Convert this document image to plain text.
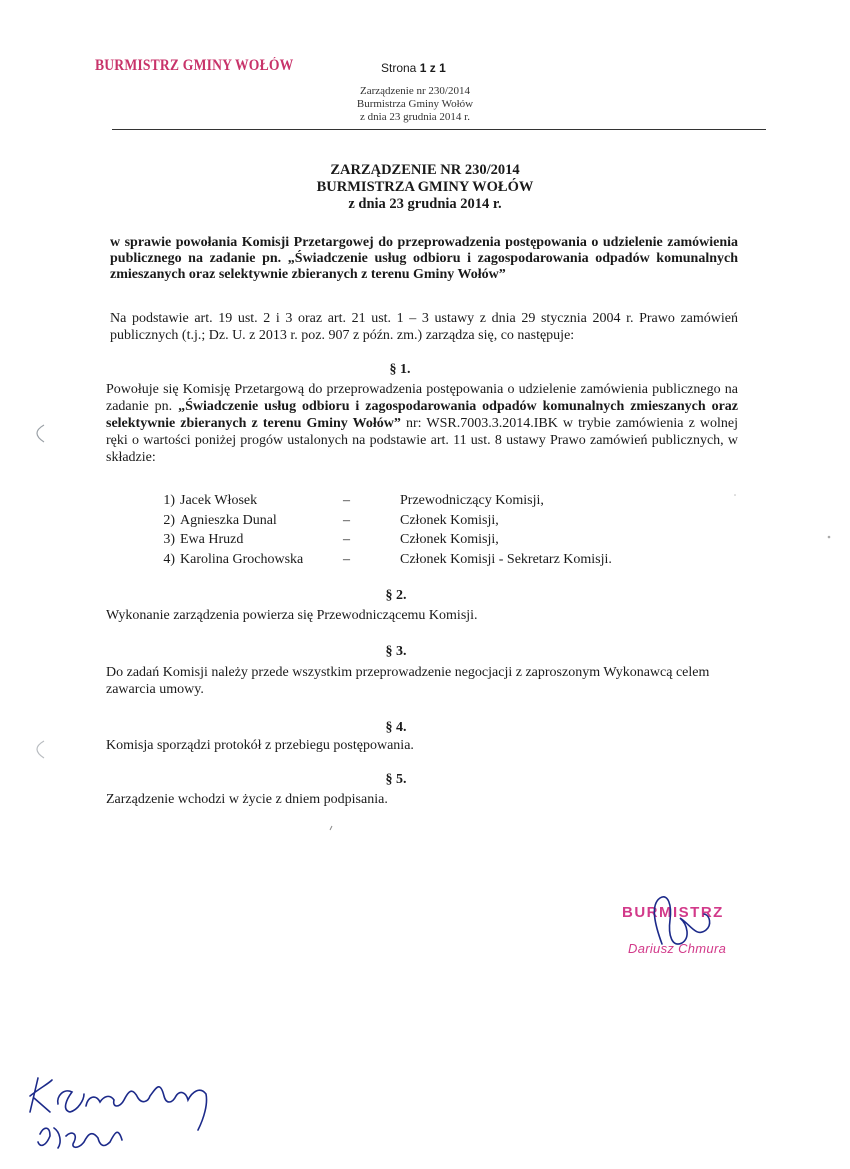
BURMISTRZ GMINY WOŁÓW	Strona 1 z 1
Zarządzenie nr 230/2014
Burmistrza Gminy Wołów
z dnia 23 grudnia 2014 r.
ZARZĄDZENIE NR 230/2014
BURMISTRZA GMINY WOŁÓW
z dnia 23 grudnia 2014 r.
w sprawie powołania Komisji Przetargowej do przeprowadzenia postępowania o udzielenie zamówienia publicznego na zadanie pn. „Świadczenie usług odbioru i zagospodarowania odpadów komunalnych zmieszanych oraz selektywnie zbieranych z terenu Gminy Wołów”
Na podstawie art. 19 ust. 2 i 3 oraz art. 21 ust. 1 – 3 ustawy z dnia 29 stycznia 2004 r. Prawo zamówień publicznych (t.j.; Dz. U. z 2013 r. poz. 907 z późn. zm.) zarządza się, co następuje:
§ 1.
Powołuje się Komisję Przetargową do przeprowadzenia postępowania o udzielenie zamówienia publicznego na zadanie pn. „Świadczenie usług odbioru i zagospodarowania odpadów komunalnych zmieszanych oraz selektywnie zbieranych z terenu Gminy Wołów” nr: WSR.7003.3.2014.IBK w trybie zamówienia z wolnej ręki o wartości poniżej progów ustalonych na podstawie art. 11 ust. 8 ustawy Prawo zamówień publicznych, w składzie:
1) Jacek Włosek	–	Przewodniczący Komisji,
2) Agnieszka Dunal	–	Członek Komisji,
3) Ewa Hruzd	–	Członek Komisji,
4) Karolina Grochowska	–	Członek Komisji - Sekretarz Komisji.
§ 2.
Wykonanie zarządzenia powierza się Przewodniczącemu Komisji.
§ 3.
Do zadań Komisji należy przede wszystkim przeprowadzenie negocjacji z zaproszonym Wykonawcą celem zawarcia umowy.
§ 4.
Komisja sporządzi protokół z przebiegu postępowania.
§ 5.
Zarządzenie wchodzi w życie z dniem podpisania.
BURMISTRZ
Dariusz Chmura
